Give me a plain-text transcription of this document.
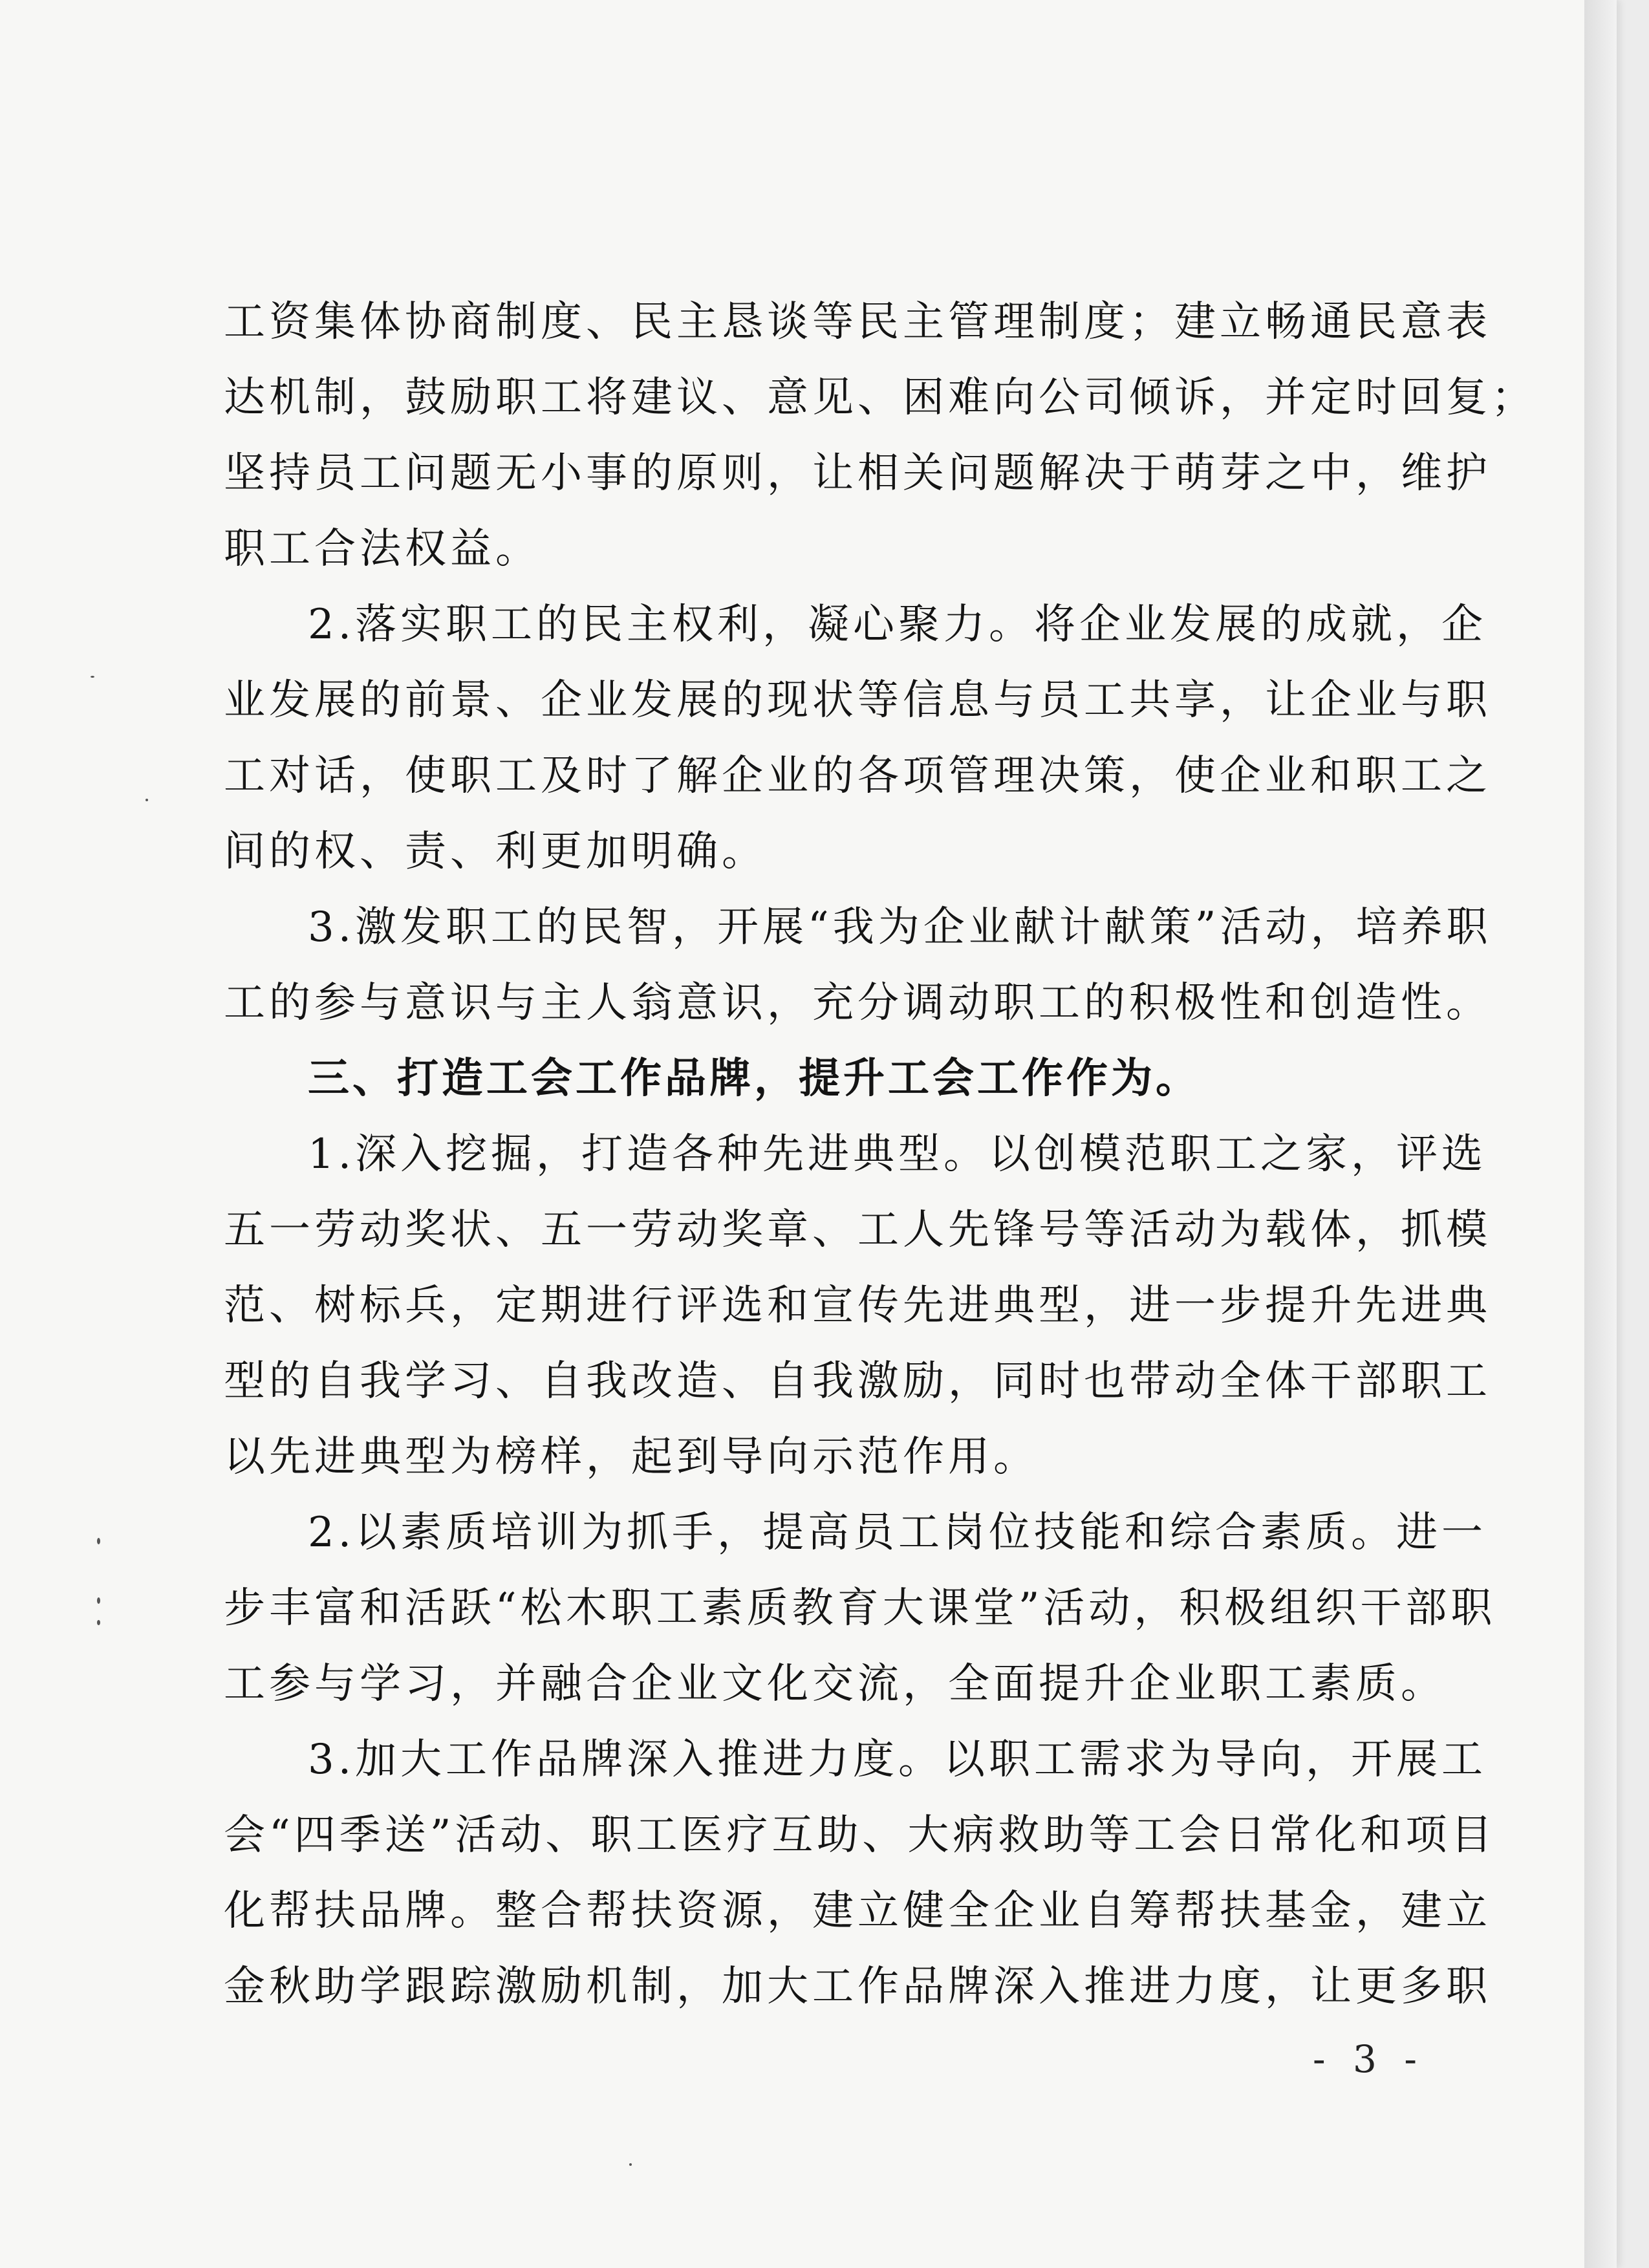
工资集体协商制度、民主恳谈等民主管理制度；建立畅通民意表
达机制，鼓励职工将建议、意见、困难向公司倾诉，并定时回复；
坚持员工问题无小事的原则，让相关问题解决于萌芽之中，维护
职工合法权益。
2.落实职工的民主权利，凝心聚力。将企业发展的成就，企
业发展的前景、企业发展的现状等信息与员工共享，让企业与职
工对话，使职工及时了解企业的各项管理决策，使企业和职工之
间的权、责、利更加明确。
3.激发职工的民智，开展“我为企业献计献策”活动，培养职
工的参与意识与主人翁意识，充分调动职工的积极性和创造性。
三、打造工会工作品牌，提升工会工作作为。
1.深入挖掘，打造各种先进典型。以创模范职工之家，评选
五一劳动奖状、五一劳动奖章、工人先锋号等活动为载体，抓模
范、树标兵，定期进行评选和宣传先进典型，进一步提升先进典
型的自我学习、自我改造、自我激励，同时也带动全体干部职工
以先进典型为榜样，起到导向示范作用。
2.以素质培训为抓手，提高员工岗位技能和综合素质。进一
步丰富和活跃“松木职工素质教育大课堂”活动，积极组织干部职
工参与学习，并融合企业文化交流，全面提升企业职工素质。
3.加大工作品牌深入推进力度。以职工需求为导向，开展工
会“四季送”活动、职工医疗互助、大病救助等工会日常化和项目
化帮扶品牌。整合帮扶资源，建立健全企业自筹帮扶基金，建立
金秋助学跟踪激励机制，加大工作品牌深入推进力度，让更多职
- 3 -
